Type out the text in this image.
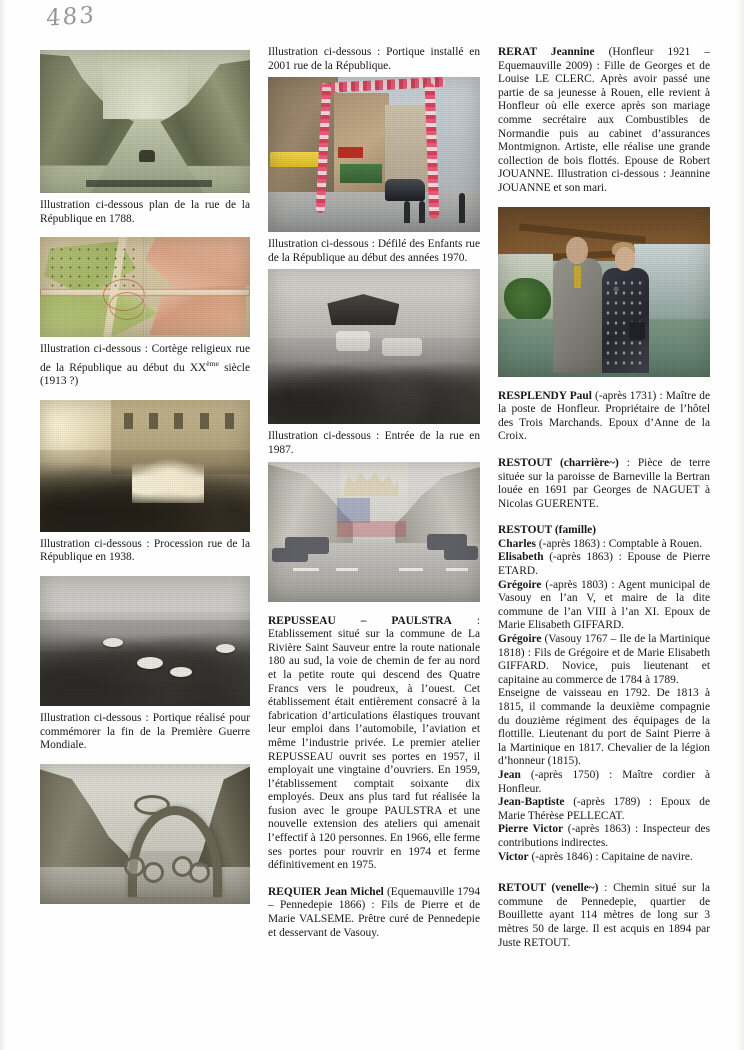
483

Illustration ci-dessous plan de la rue de la République en 1788.

Illustration ci-dessous : Cortège religieux rue de la République au début du XXème siècle (1913 ?)

Illustration ci-dessous : Procession rue de la République en 1938.

Illustration ci-dessous : Portique réalisé pour commémorer la fin de la Première Guerre Mondiale.

Illustration ci-dessous : Portique installé en 2001 rue de la République.

Illustration ci-dessous : Défilé des Enfants rue de la République au début des années 1970.

Illustration ci-dessous : Entrée de la rue en 1987.

REPUSSEAU – PAULSTRA : Etablissement situé sur la commune de La Rivière Saint Sauveur entre la route nationale 180 au sud, la voie de chemin de fer au nord et la petite route qui descend des Quatre Francs vers le poudreux, à l’ouest. Cet établissement était entièrement consacré à la fabrication d’articulations élastiques trouvant leur emploi dans l’automobile, l’aviation et même l’industrie privée. Le premier atelier REPUSSEAU ouvrit ses portes en 1957, il employait une vingtaine d’ouvriers. En 1959, l’établissement comptait soixante dix employés. Deux ans plus tard fut réalisée la fusion avec le groupe PAULSTRA et une nouvelle extension des ateliers qui amenait l’effectif à 120 personnes. En 1966, elle ferme ses portes pour rouvrir en 1974 et ferme définitivement en 1975.

REQUIER Jean Michel (Equemauville 1794 – Pennedepie 1866) : Fils de Pierre et de Marie VALSEME. Prêtre curé de Pennedepie et desservant de Vasouy.

RERAT Jeannine (Honfleur 1921 – Equemauville 2009) : Fille de Georges et de Louise LE CLERC. Après avoir passé une partie de sa jeunesse à Rouen, elle revient à Honfleur où elle exerce après son mariage comme secrétaire aux Combustibles de Normandie puis au cabinet d’assurances Montmignon. Artiste, elle réalise une grande collection de bois flottés. Epouse de Robert JOUANNE. Illustration ci-dessous : Jeannine JOUANNE et son mari.

RESPLENDY Paul (-après 1731) : Maître de la poste de Honfleur. Propriétaire de l’hôtel des Trois Marchands. Epoux d’Anne de la Croix.

RESTOUT (charrière~) : Pièce de terre située sur la paroisse de Barneville la Bertran louée en 1691 par Georges de NAGUET à Nicolas GUERENTE.

RESTOUT (famille)

Charles (-après 1863) : Comptable à Rouen.

Elisabeth (-après 1863) : Epouse de Pierre ETARD.

Grégoire (-après 1803) : Agent municipal de Vasouy en l’an V, et maire de la dite commune de l’an VIII à l’an XI. Epoux de Marie Elisabeth GIFFARD.

Grégoire (Vasouy 1767 – Ile de la Martinique 1818) : Fils de Grégoire et de Marie Elisabeth GIFFARD. Novice, puis lieutenant et capitaine au commerce de 1784 à 1789.

Enseigne de vaisseau en 1792. De 1813 à 1815, il commande la deuxième compagnie du douzième régiment des équipages de la flottille. Lieutenant du port de Saint Pierre à la Martinique en 1817. Chevalier de la légion d’honneur (1815).

Jean (-après 1750) : Maître cordier à Honfleur.

Jean-Baptiste (-après 1789) : Epoux de Marie Thérèse PELLECAT.

Pierre Victor (-après 1863) : Inspecteur des contributions indirectes.

Victor (-après 1846) : Capitaine de navire.

RETOUT (venelle~) : Chemin situé sur la commune de Pennedepie, quartier de Bouillette ayant 114 mètres de long sur 3 mètres 50 de large. Il est acquis en 1894 par Juste RETOUT.
